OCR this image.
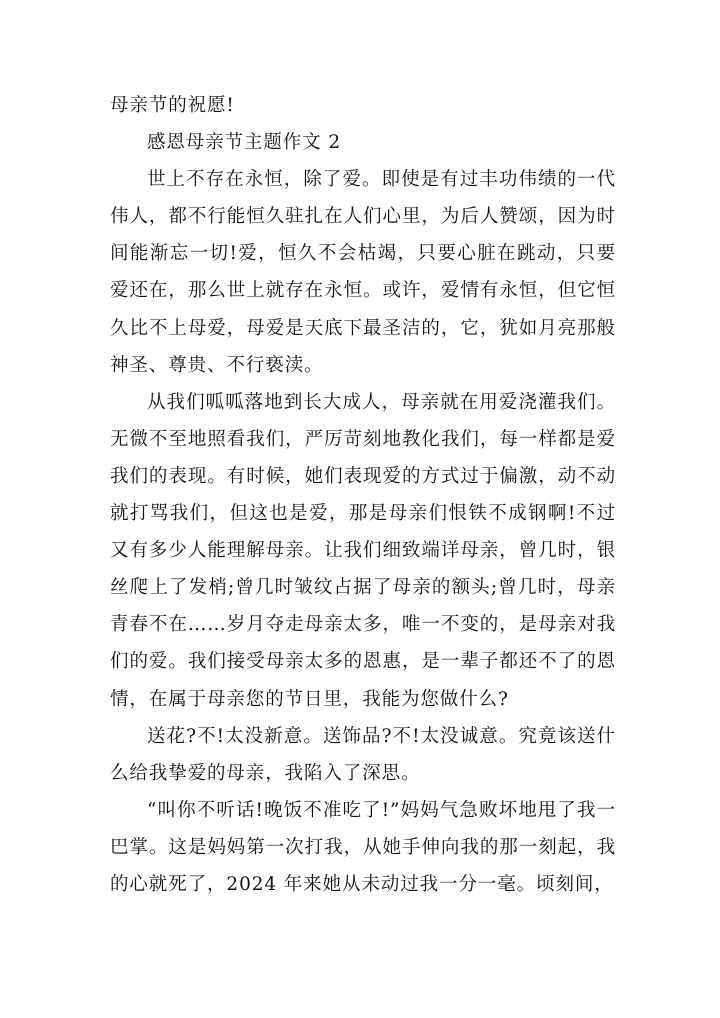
母亲节的祝愿!

感恩母亲节主题作文 2

世上不存在永恒，除了爱。即使是有过丰功伟绩的一代伟人，都不行能恒久驻扎在人们心里，为后人赞颂，因为时间能渐忘一切!爱，恒久不会枯竭，只要心脏在跳动，只要爱还在，那么世上就存在永恒。或许，爱情有永恒，但它恒久比不上母爱，母爱是天底下最圣洁的，它，犹如月亮那般神圣、尊贵、不行亵渎。

从我们呱呱落地到长大成人，母亲就在用爱浇灌我们。无微不至地照看我们，严厉苛刻地教化我们，每一样都是爱我们的表现。有时候，她们表现爱的方式过于偏激，动不动就打骂我们，但这也是爱，那是母亲们恨铁不成钢啊!不过又有多少人能理解母亲。让我们细致端详母亲，曾几时，银丝爬上了发梢;曾几时皱纹占据了母亲的额头;曾几时，母亲青春不在……岁月夺走母亲太多，唯一不变的，是母亲对我们的爱。我们接受母亲太多的恩惠，是一辈子都还不了的恩情，在属于母亲您的节日里，我能为您做什么?

送花?不!太没新意。送饰品?不!太没诚意。究竟该送什么给我挚爱的母亲，我陷入了深思。

“叫你不听话!晚饭不准吃了!”妈妈气急败坏地甩了我一巴掌。这是妈妈第一次打我，从她手伸向我的那一刻起，我的心就死了，2024 年来她从未动过我一分一毫。顷刻间，
